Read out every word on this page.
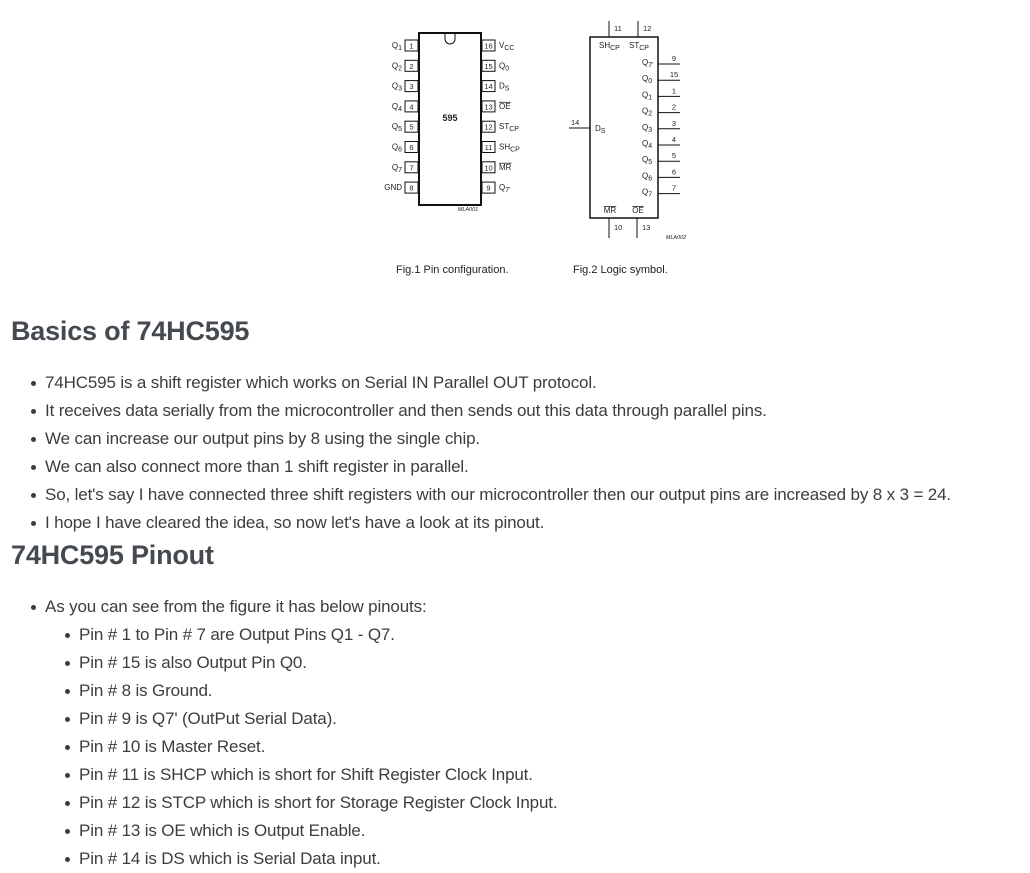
595
MLA001
1
Q1
2
Q2
3
Q3
4
Q4
5
Q5
6
Q6
7
Q7
8
GND
16 VCC
15 Q0
14 DS
13 OE
12 STCP
11 SHCP
10 MR
9 Q7'
11	12
SHCP STCP
14
DS
9
Q7'
15
Q0
1
Q1
2
Q2
3
Q3
4
Q4
5
Q5
6
Q6
7
Q7
10
MR
13
OE
MLA002
Fig.1 Pin configuration.	Fig.2 Logic symbol.
Basics of 74HC595
74HC595 is a shift register which works on Serial IN Parallel OUT protocol.
It receives data serially from the microcontroller and then sends out this data through parallel pins.
We can increase our output pins by 8 using the single chip.
We can also connect more than 1 shift register in parallel.
So, let's say I have connected three shift registers with our microcontroller then our output pins are increased by 8 x 3 = 24.
I hope I have cleared the idea, so now let's have a look at its pinout.
74HC595 Pinout
As you can see from the figure it has below pinouts:
Pin # 1 to Pin # 7 are Output Pins Q1 - Q7.
Pin # 15 is also Output Pin Q0.
Pin # 8 is Ground.
Pin # 9 is Q7' (OutPut Serial Data).
Pin # 10 is Master Reset.
Pin # 11 is SHCP which is short for Shift Register Clock Input.
Pin # 12 is STCP which is short for Storage Register Clock Input.
Pin # 13 is OE which is Output Enable.
Pin # 14 is DS which is Serial Data input.
